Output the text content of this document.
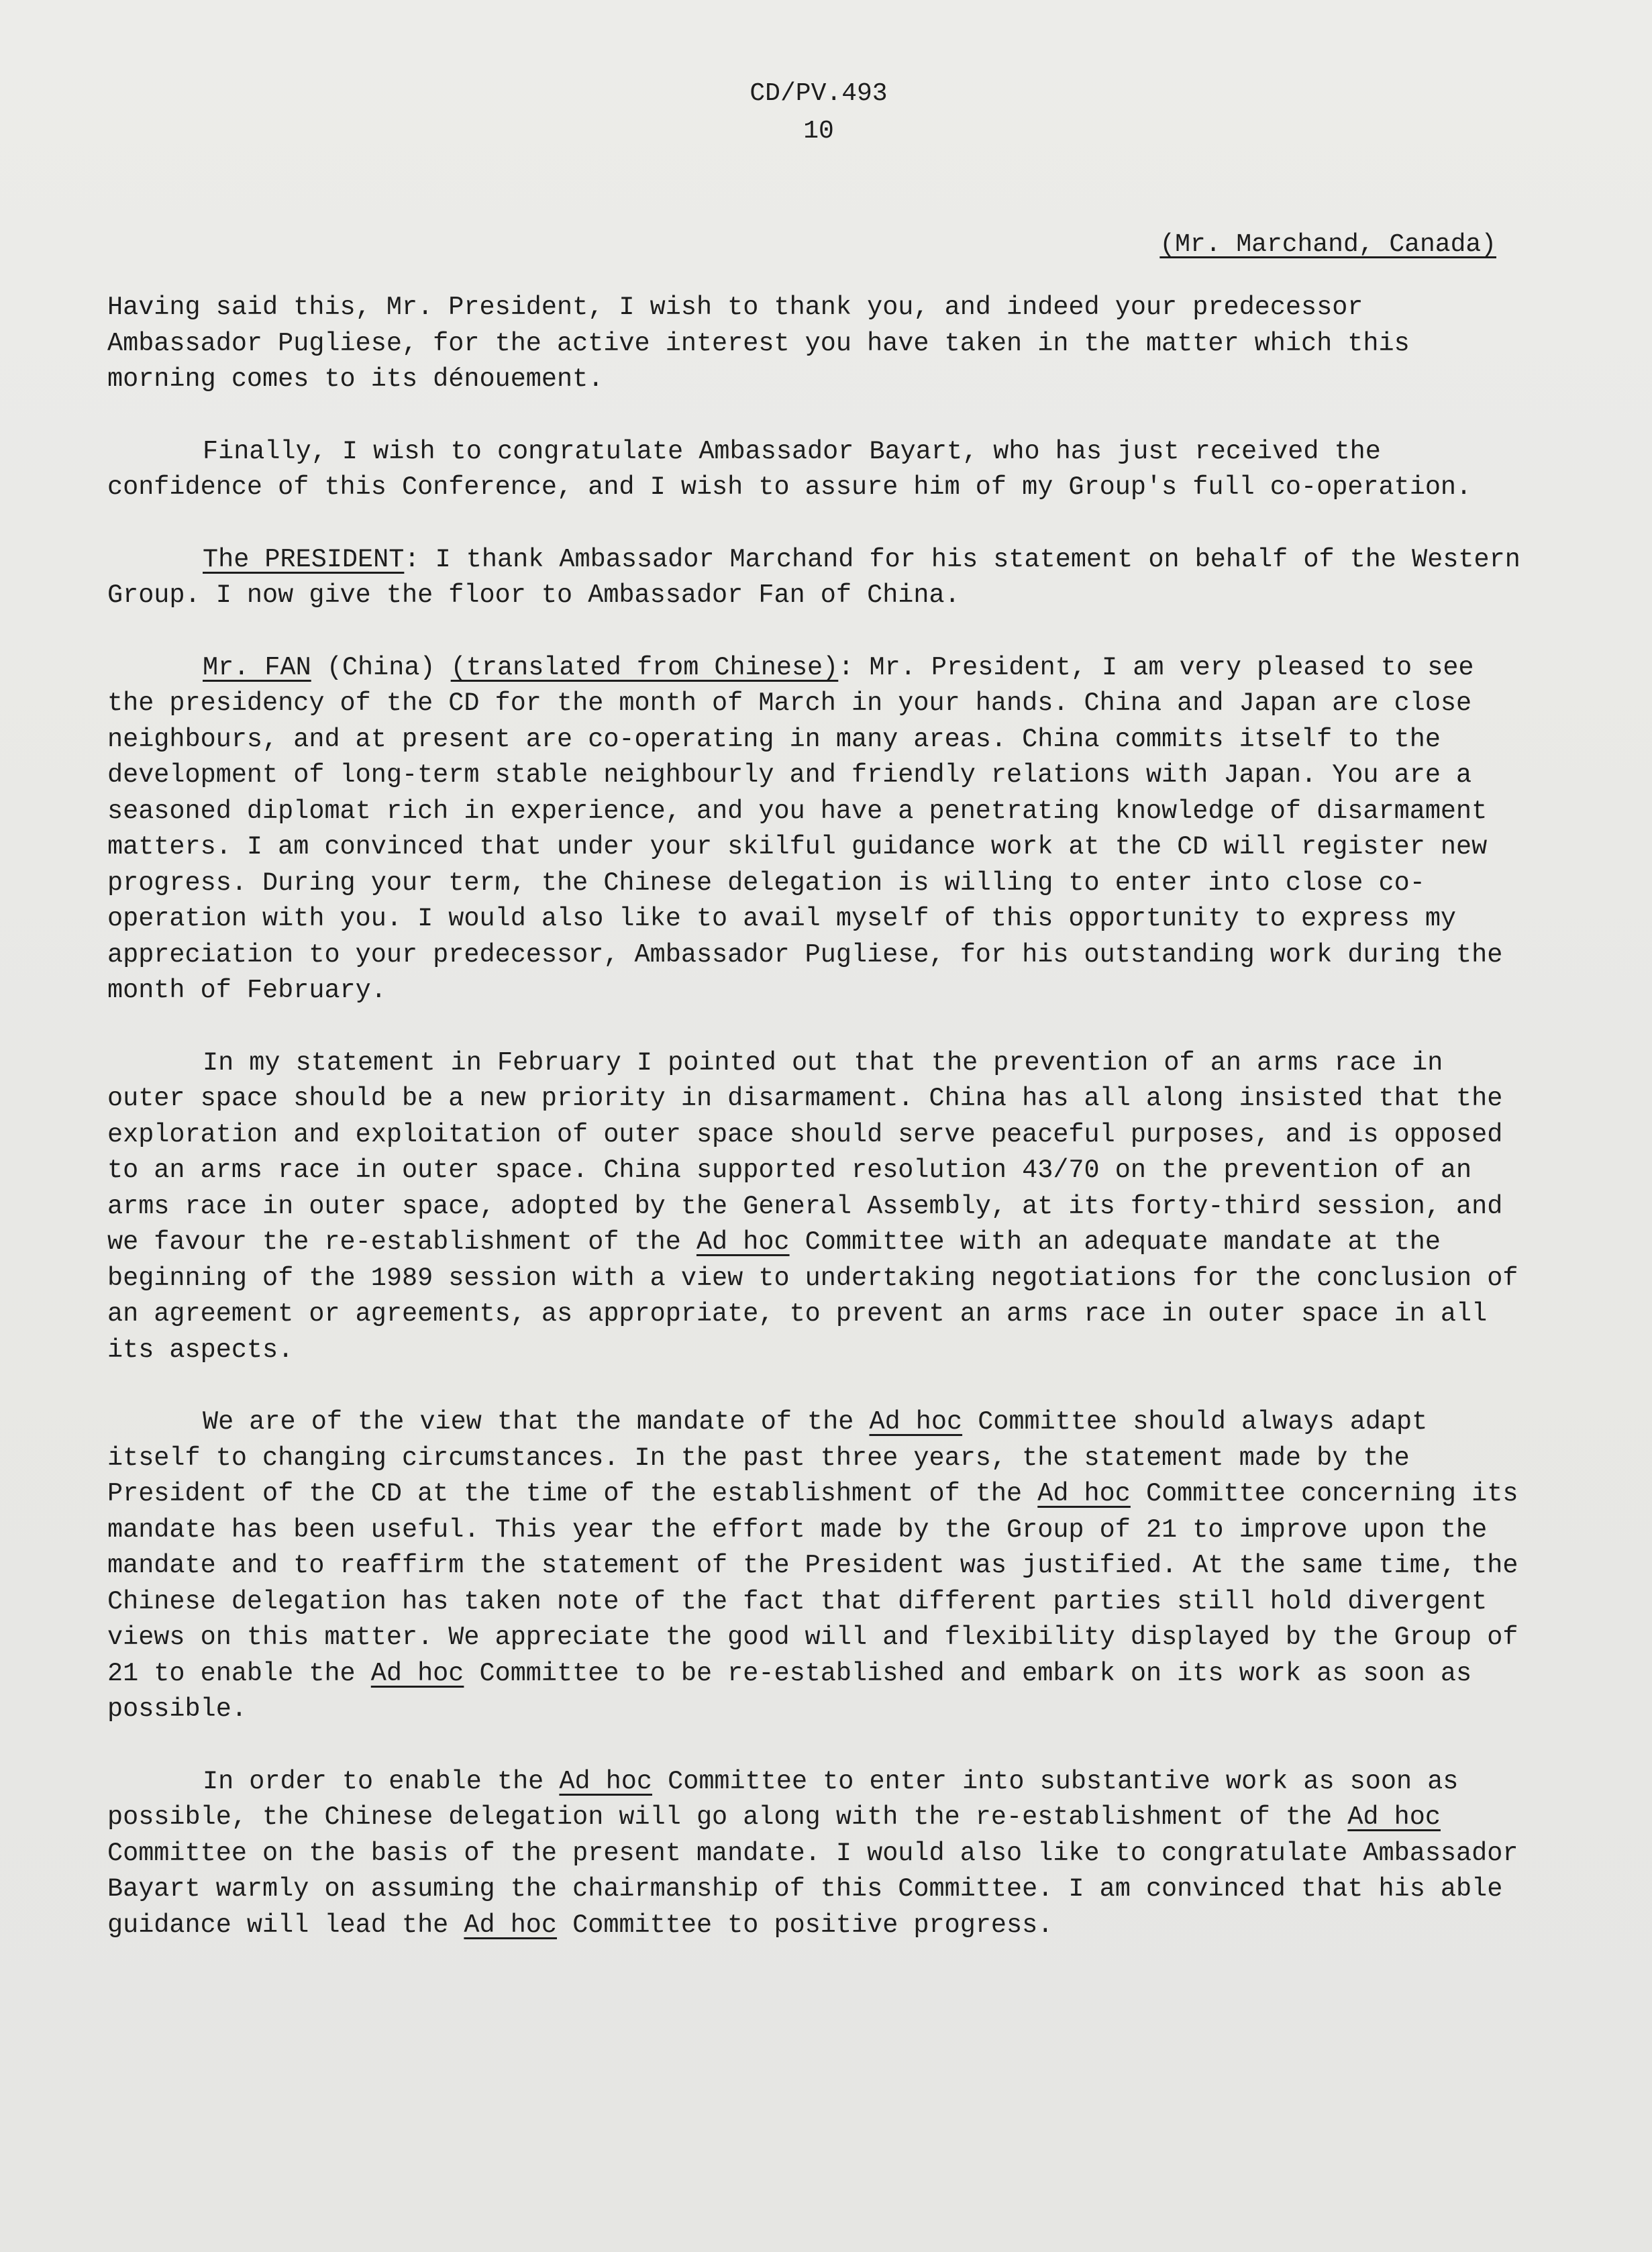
CD/PV.493
10
(Mr. Marchand, Canada)

Having said this, Mr. President, I wish to thank you, and indeed your predecessor Ambassador Pugliese, for the active interest you have taken in the matter which this morning comes to its dénouement.

Finally, I wish to congratulate Ambassador Bayart, who has just received the confidence of this Conference, and I wish to assure him of my Group's full co-operation.

The PRESIDENT: I thank Ambassador Marchand for his statement on behalf of the Western Group. I now give the floor to Ambassador Fan of China.

Mr. FAN (China) (translated from Chinese): Mr. President, I am very pleased to see the presidency of the CD for the month of March in your hands. China and Japan are close neighbours, and at present are co-operating in many areas. China commits itself to the development of long-term stable neighbourly and friendly relations with Japan. You are a seasoned diplomat rich in experience, and you have a penetrating knowledge of disarmament matters. I am convinced that under your skilful guidance work at the CD will register new progress. During your term, the Chinese delegation is willing to enter into close co-operation with you. I would also like to avail myself of this opportunity to express my appreciation to your predecessor, Ambassador Pugliese, for his outstanding work during the month of February.

In my statement in February I pointed out that the prevention of an arms race in outer space should be a new priority in disarmament. China has all along insisted that the exploration and exploitation of outer space should serve peaceful purposes, and is opposed to an arms race in outer space. China supported resolution 43/70 on the prevention of an arms race in outer space, adopted by the General Assembly, at its forty-third session, and we favour the re-establishment of the Ad hoc Committee with an adequate mandate at the beginning of the 1989 session with a view to undertaking negotiations for the conclusion of an agreement or agreements, as appropriate, to prevent an arms race in outer space in all its aspects.

We are of the view that the mandate of the Ad hoc Committee should always adapt itself to changing circumstances. In the past three years, the statement made by the President of the CD at the time of the establishment of the Ad hoc Committee concerning its mandate has been useful. This year the effort made by the Group of 21 to improve upon the mandate and to reaffirm the statement of the President was justified. At the same time, the Chinese delegation has taken note of the fact that different parties still hold divergent views on this matter. We appreciate the good will and flexibility displayed by the Group of 21 to enable the Ad hoc Committee to be re-established and embark on its work as soon as possible.

In order to enable the Ad hoc Committee to enter into substantive work as soon as possible, the Chinese delegation will go along with the re-establishment of the Ad hoc Committee on the basis of the present mandate. I would also like to congratulate Ambassador Bayart warmly on assuming the chairmanship of this Committee. I am convinced that his able guidance will lead the Ad hoc Committee to positive progress.
